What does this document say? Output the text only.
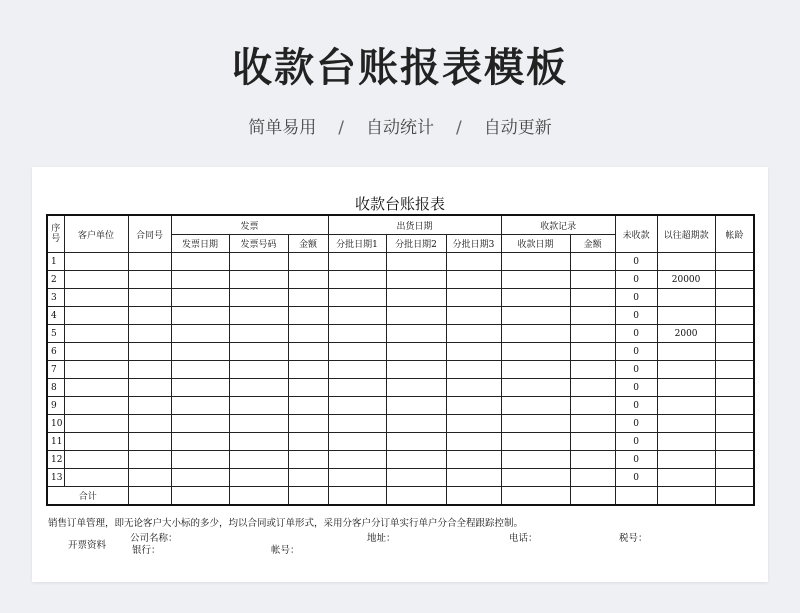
收款台账报表模板
简单易用 / 自动统计 / 自动更新
收款台账报表
序号	客户单位	合同号	发票			出货日期			收款记录		未收款	以往超期款	帐龄
			发票日期	发票号码	金额	分批日期1	分批日期2	分批日期3	收款日期	金额			
1											0		
2											0	20000	
3											0		
4											0		
5											0	2000	
6											0		
7											0		
8											0		
9											0		
10											0		
11											0		
12											0		
13											0		
合计													
销售订单管理，即无论客户大小标的多少，均以合同或订单形式，采用分客户分订单实行单户分合全程跟踪控制。
开票资料
公司名称：	地址：	电话：	税号：
银行：	帐号：
